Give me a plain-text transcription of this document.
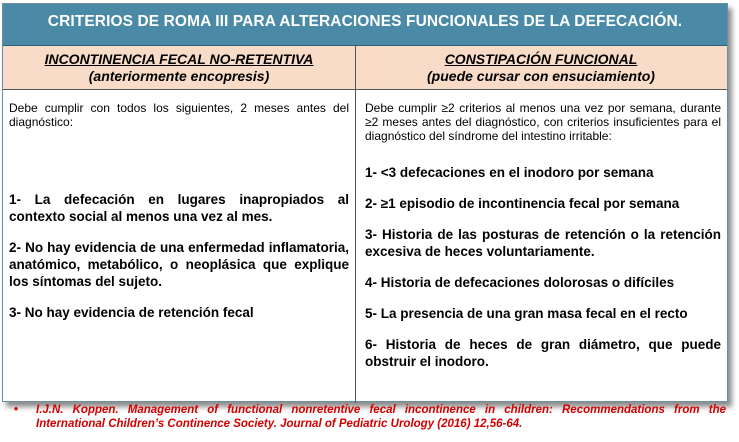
CRITERIOS DE ROMA III PARA ALTERACIONES FUNCIONALES DE LA DEFECACIÓN.
INCONTINENCIA FECAL NO-RETENTIVA
(anteriormente encopresis)
CONSTIPACIÓN FUNCIONAL
(puede cursar con ensuciamiento)

Debe cumplir con todos los siguientes, 2 meses antes del diagnóstico:

1- La defecación en lugares inapropiados al contexto social al menos una vez al mes.

2- No hay evidencia de una enfermedad inflamatoria, anatómico, metabólico, o neoplásica que explique los síntomas del sujeto.

3- No hay evidencia de retención fecal

Debe cumplir ≥2 criterios al menos una vez por semana, durante ≥2 meses antes del diagnóstico, con criterios insuficientes para el diagnóstico del síndrome del intestino irritable:

1- <3 defecaciones en el inodoro por semana

2- ≥1 episodio de incontinencia fecal por semana

3- Historia de las posturas de retención o la retención excesiva de heces voluntariamente.

4- Historia de defecaciones dolorosas o difíciles

5- La presencia de una gran masa fecal en el recto

6- Historia de heces de gran diámetro, que puede obstruir el inodoro.

• I.J.N. Koppen. Management of functional nonretentive fecal incontinence in children: Recommendations from the International Children’s Continence Society. Journal of Pediatric Urology (2016) 12,56-64.
